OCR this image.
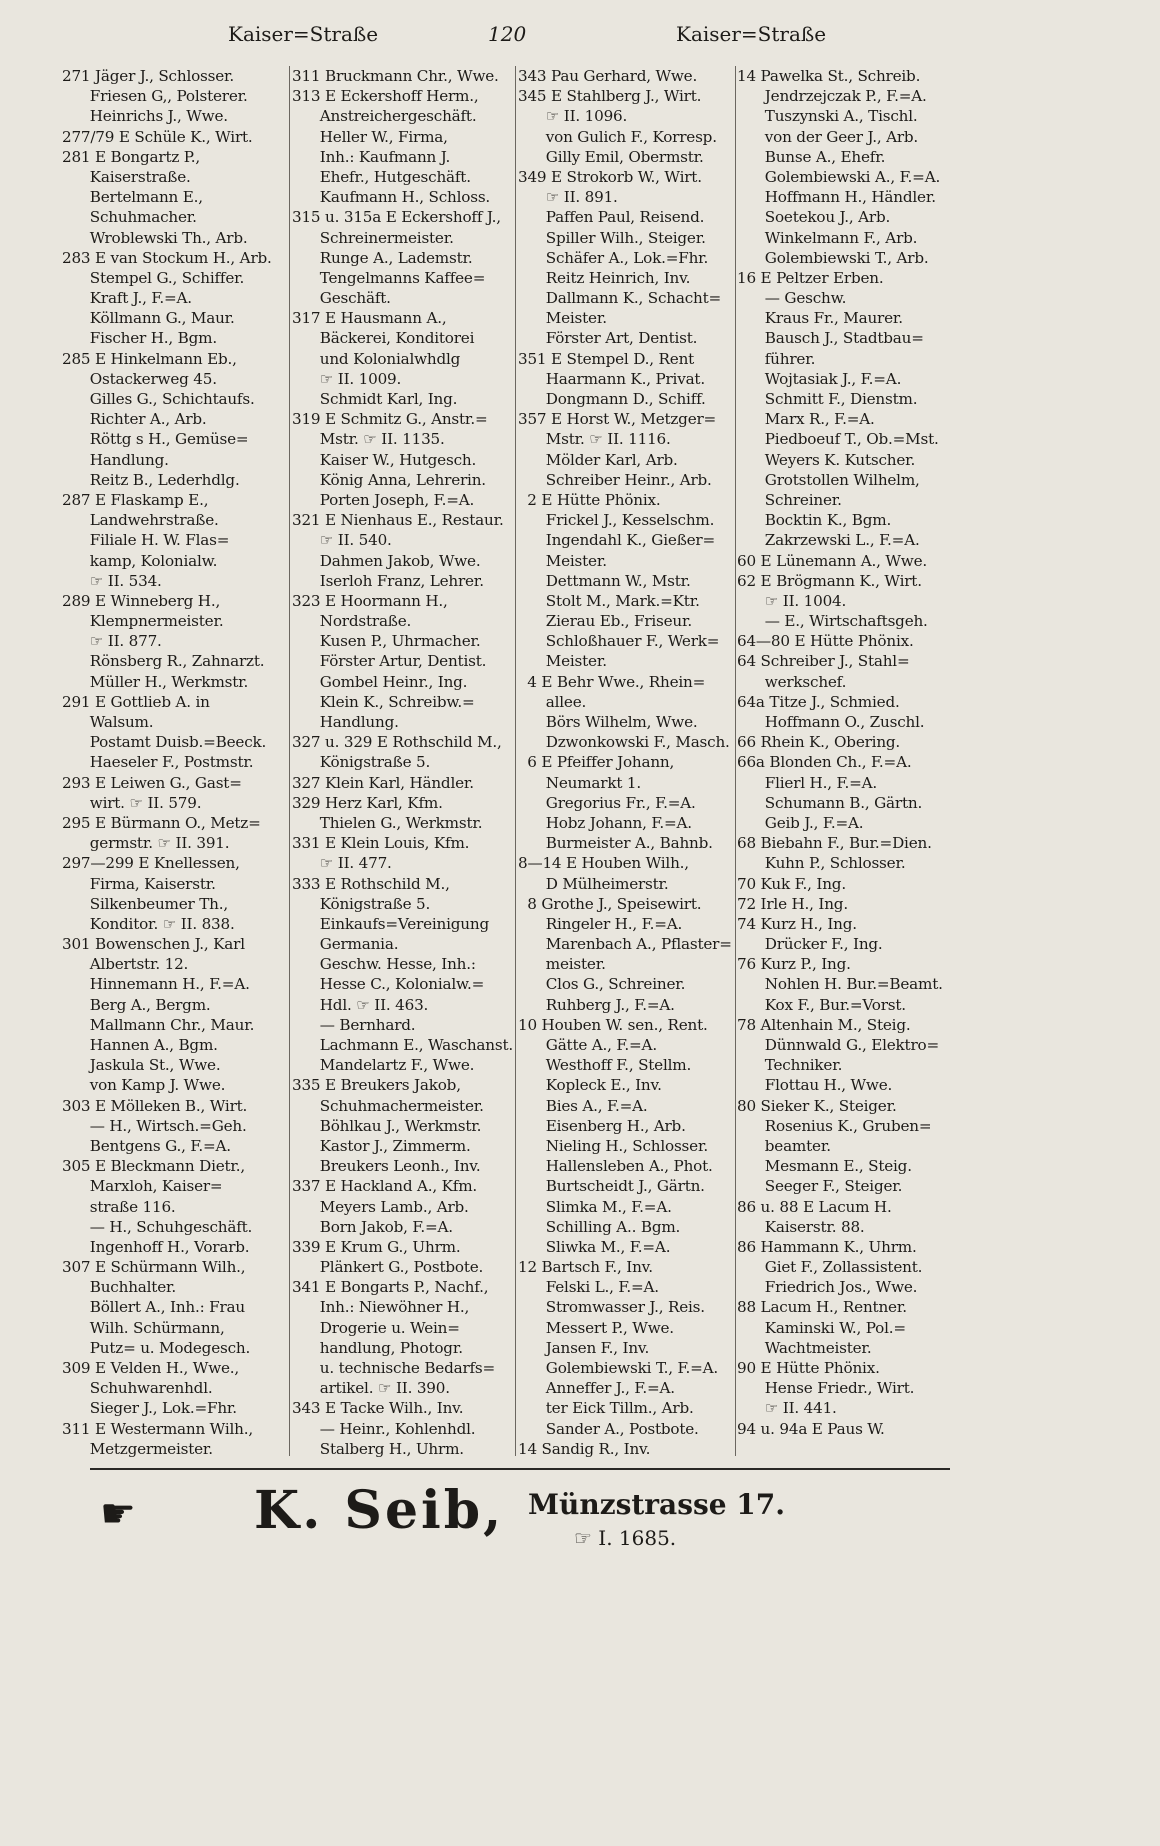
Kaiser=Straße	120	Kaiser=Straße
271 Jäger J., Schlosser.
Friesen G,, Polsterer.
Heinrichs J., Wwe.
277/79 E Schüle K., Wirt.
281 E Bongartz P.,
Kaiserstraße.
Bertelmann E.,
Schuhmacher.
Wroblewski Th., Arb.
283 E van Stockum H., Arb.
Stempel G., Schiffer.
Kraft J., F.=A.
Köllmann G., Maur.
Fischer H., Bgm.
285 E Hinkelmann Eb.,
Ostackerweg 45.
Gilles G., Schichtaufs.
Richter A., Arb.
Röttg s H., Gemüse=
Handlung.
Reitz B., Lederhdlg.
287 E Flaskamp E.,
Landwehrstraße.
Filiale H. W. Flas=
kamp, Kolonialw.
☞ II. 534.
289 E Winneberg H.,
Klempnermeister.
☞ II. 877.
Rönsberg R., Zahnarzt.
Müller H., Werkmstr.
291 E Gottlieb A. in
Walsum.
Postamt Duisb.=Beeck.
Haeseler F., Postmstr.
293 E Leiwen G., Gast=
wirt. ☞ II. 579.
295 E Bürmann O., Metz=
germstr. ☞ II. 391.
297—299 E Knellessen,
Firma, Kaiserstr.
Silkenbeumer Th.,
Konditor. ☞ II. 838.
301 Bowenschen J., Karl
Albertstr. 12.
Hinnemann H., F.=A.
Berg A., Bergm.
Mallmann Chr., Maur.
Hannen A., Bgm.
Jaskula St., Wwe.
von Kamp J. Wwe.
303 E Mölleken B., Wirt.
— H., Wirtsch.=Geh.
Bentgens G., F.=A.
305 E Bleckmann Dietr.,
Marxloh, Kaiser=
straße 116.
— H., Schuhgeschäft.
Ingenhoff H., Vorarb.
307 E Schürmann Wilh.,
Buchhalter.
Böllert A., Inh.: Frau
Wilh. Schürmann,
Putz= u. Modegesch.
309 E Velden H., Wwe.,
Schuhwarenhdl.
Sieger J., Lok.=Fhr.
311 E Westermann Wilh.,
Metzgermeister.
311 Bruckmann Chr., Wwe.
313 E Eckershoff Herm.,
Anstreichergeschäft.
Heller W., Firma,
Inh.: Kaufmann J.
Ehefr., Hutgeschäft.
Kaufmann H., Schloss.
315 u. 315a E Eckershoff J.,
Schreinermeister.
Runge A., Lademstr.
Tengelmanns Kaffee=
Geschäft.
317 E Hausmann A.,
Bäckerei, Konditorei
und Kolonialwhdlg
☞ II. 1009.
Schmidt Karl, Ing.
319 E Schmitz G., Anstr.=
Mstr. ☞ II. 1135.
Kaiser W., Hutgesch.
König Anna, Lehrerin.
Porten Joseph, F.=A.
321 E Nienhaus E., Restaur.
☞ II. 540.
Dahmen Jakob, Wwe.
Iserloh Franz, Lehrer.
323 E Hoormann H.,
Nordstraße.
Kusen P., Uhrmacher.
Förster Artur, Dentist.
Gombel Heinr., Ing.
Klein K., Schreibw.=
Handlung.
327 u. 329 E Rothschild M.,
Königstraße 5.
327 Klein Karl, Händler.
329 Herz Karl, Kfm.
Thielen G., Werkmstr.
331 E Klein Louis, Kfm.
☞ II. 477.
333 E Rothschild M.,
Königstraße 5.
Einkaufs=Vereinigung
Germania.
Geschw. Hesse, Inh.:
Hesse C., Kolonialw.=
Hdl. ☞ II. 463.
— Bernhard.
Lachmann E., Waschanst.
Mandelartz F., Wwe.
335 E Breukers Jakob,
Schuhmachermeister.
Böhlkau J., Werkmstr.
Kastor J., Zimmerm.
Breukers Leonh., Inv.
337 E Hackland A., Kfm.
Meyers Lamb., Arb.
Born Jakob, F.=A.
339 E Krum G., Uhrm.
Plänkert G., Postbote.
341 E Bongarts P., Nachf.,
Inh.: Niewöhner H.,
Drogerie u. Wein=
handlung, Photogr.
u. technische Bedarfs=
artikel. ☞ II. 390.
343 E Tacke Wilh., Inv.
— Heinr., Kohlenhdl.
Stalberg H., Uhrm.
343 Pau Gerhard, Wwe.
345 E Stahlberg J., Wirt.
☞ II. 1096.
von Gulich F., Korresp.
Gilly Emil, Obermstr.
349 E Strokorb W., Wirt.
☞ II. 891.
Paffen Paul, Reisend.
Spiller Wilh., Steiger.
Schäfer A., Lok.=Fhr.
Reitz Heinrich, Inv.
Dallmann K., Schacht=
Meister.
Förster Art, Dentist.
351 E Stempel D., Rent
Haarmann K., Privat.
Dongmann D., Schiff.
357 E Horst W., Metzger=
Mstr. ☞ II. 1116.
Mölder Karl, Arb.
Schreiber Heinr., Arb.
2 E Hütte Phönix.
Frickel J., Kesselschm.
Ingendahl K., Gießer=
Meister.
Dettmann W., Mstr.
Stolt M., Mark.=Ktr.
Zierau Eb., Friseur.
Schloßhauer F., Werk=
Meister.
4 E Behr Wwe., Rhein=
allee.
Börs Wilhelm, Wwe.
Dzwonkowski F., Masch.
6 E Pfeiffer Johann,
Neumarkt 1.
Gregorius Fr., F.=A.
Hobz Johann, F.=A.
Burmeister A., Bahnb.
8—14 E Houben Wilh.,
D Mülheimerstr.
8 Grothe J., Speisewirt.
Ringeler H., F.=A.
Marenbach A., Pflaster=
meister.
Clos G., Schreiner.
Ruhberg J., F.=A.
10 Houben W. sen., Rent.
Gätte A., F.=A.
Westhoff F., Stellm.
Kopleck E., Inv.
Bies A., F.=A.
Eisenberg H., Arb.
Nieling H., Schlosser.
Hallensleben A., Phot.
Burtscheidt J., Gärtn.
Slimka M., F.=A.
Schilling A.. Bgm.
Sliwka M., F.=A.
12 Bartsch F., Inv.
Felski L., F.=A.
Stromwasser J., Reis.
Messert P., Wwe.
Jansen F., Inv.
Golembiewski T., F.=A.
Anneffer J., F.=A.
ter Eick Tillm., Arb.
Sander A., Postbote.
14 Sandig R., Inv.
14 Pawelka St., Schreib.
Jendrzejczak P., F.=A.
Tuszynski A., Tischl.
von der Geer J., Arb.
Bunse A., Ehefr.
Golembiewski A., F.=A.
Hoffmann H., Händler.
Soetekou J., Arb.
Winkelmann F., Arb.
Golembiewski T., Arb.
16 E Peltzer Erben.
— Geschw.
Kraus Fr., Maurer.
Bausch J., Stadtbau=
führer.
Wojtasiak J., F.=A.
Schmitt F., Dienstm.
Marx R., F.=A.
Piedboeuf T., Ob.=Mst.
Weyers K. Kutscher.
Grotstollen Wilhelm,
Schreiner.
Bocktin K., Bgm.
Zakrzewski L., F.=A.
60 E Lünemann A., Wwe.
62 E Brögmann K., Wirt.
☞ II. 1004.
— E., Wirtschaftsgeh.
64—80 E Hütte Phönix.
64 Schreiber J., Stahl=
werkschef.
64a Titze J., Schmied.
Hoffmann O., Zuschl.
66 Rhein K., Obering.
66a Blonden Ch., F.=A.
Flierl H., F.=A.
Schumann B., Gärtn.
Geib J., F.=A.
68 Biebahn F., Bur.=Dien.
Kuhn P., Schlosser.
70 Kuk F., Ing.
72 Irle H., Ing.
74 Kurz H., Ing.
Drücker F., Ing.
76 Kurz P., Ing.
Nohlen H. Bur.=Beamt.
Kox F., Bur.=Vorst.
78 Altenhain M., Steig.
Dünnwald G., Elektro=
Techniker.
Flottau H., Wwe.
80 Sieker K., Steiger.
Rosenius K., Gruben=
beamter.
Mesmann E., Steig.
Seeger F., Steiger.
86 u. 88 E Lacum H.
Kaiserstr. 88.
86 Hammann K., Uhrm.
Giet F., Zollassistent.
Friedrich Jos., Wwe.
88 Lacum H., Rentner.
Kaminski W., Pol.=
Wachtmeister.
90 E Hütte Phönix.
Hense Friedr., Wirt.
☞ II. 441.
94 u. 94a E Paus W.
☛ K. Seib, Münzstrasse 17.
☞ I. 1685.
